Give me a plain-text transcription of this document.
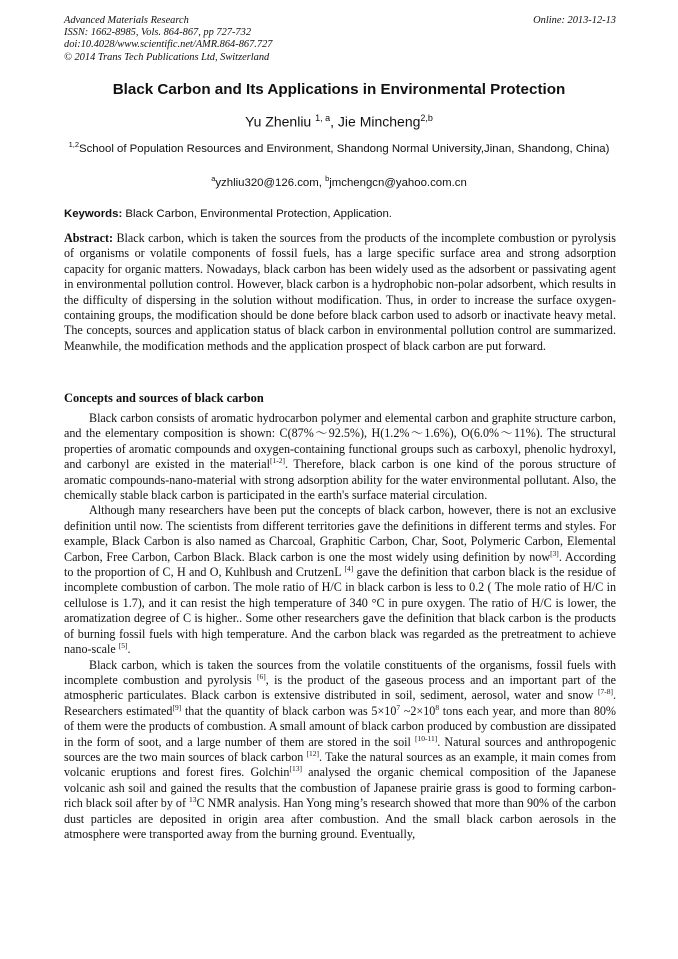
Advanced Materials Research
ISSN: 1662-8985, Vols. 864-867, pp 727-732
doi:10.4028/www.scientific.net/AMR.864-867.727
© 2014 Trans Tech Publications Ltd, Switzerland
Online: 2013-12-13
Black Carbon and Its Applications in Environmental Protection
Yu Zhenliu $^{1, a}$, Jie Mincheng$^{2,b}$
$^{1,2}$School of Population Resources and Environment, Shandong Normal University,Jinan, Shandong, China)
$^a$yzhliu320@126.com, $^b$jmchengcn@yahoo.com.cn
Keywords: Black Carbon, Environmental Protection, Application.
Abstract: Black carbon, which is taken the sources from the products of the incomplete combustion or pyrolysis of organisms or volatile components of fossil fuels, has a large specific surface area and strong adsorption capacity for organic matters. Nowadays, black carbon has been widely used as the adsorbent or passivating agent in environmental pollution control. However, black carbon is a hydrophobic non-polar adsorbent, which results in the difficulty of dispersing in the solution without modification. Thus, in order to increase the surface oxygen-containing groups, the modification should be done before black carbon used to adsorb or inactivate heavy metal. The concepts, sources and application status of black carbon in environmental pollution control are summarized. Meanwhile, the modification methods and the application prospect of black carbon are put forward.
Concepts and sources of black carbon

Black carbon consists of aromatic hydrocarbon polymer and elemental carbon and graphite structure carbon, and the elementary composition is shown: C(87%～92.5%), H(1.2%～1.6%), O(6.0%～11%). The structural properties of aromatic compounds and oxygen-containing functional groups such as carboxyl, phenolic hydroxyl, and carbonyl are existed in the material[1-2]. Therefore, black carbon is one kind of the porous structure of aromatic compounds-nano-material with strong adsorption ability for the water environmental pollutant. Also, the chemically stable black carbon is participated in the earth's surface material circulation.

Although many researchers have been put the concepts of black carbon, however, there is not an exclusive definition until now. The scientists from different territories gave the definitions in different terms and styles. For example, Black Carbon is also named as Charcoal, Graphitic Carbon, Char, Soot, Polymeric Carbon, Elemental Carbon, Free Carbon, Carbon Black. Black carbon is one the most widely using definition by now[3]. According to the proportion of C, H and O, Kuhlbush and CrutzenL [4] gave the definition that carbon black is the residue of incomplete combustion of carbon. The mole ratio of H/C in black carbon is less to 0.2 ( The mole ratio of H/C in cellulose is 1.7), and it can resist the high temperature of 340 °C in pure oxygen. The ratio of H/C is lower, the aromatization degree of C is higher.. Some other researchers gave the definition that black carbon is the products of burning fossil fuels with high temperature. And the carbon black was regarded as the pretreatment to achieve nano-scale [5].

Black carbon, which is taken the sources from the volatile constituents of the organisms, fossil fuels with incomplete combustion and pyrolysis [6], is the product of the gaseous process and an important part of the atmospheric particulates. Black carbon is extensive distributed in soil, sediment, aerosol, water and snow [7-8]. Researchers estimated[9] that the quantity of black carbon was $5\times 10^7$ $\sim 2\times 10^8$ tons each year, and more than 80% of them were the products of combustion. A small amount of black carbon produced by combustion are dissipated in the form of soot, and a large number of them are stored in the soil [10-11]. Natural sources and anthropogenic sources are the two main sources of black carbon [12]. Take the natural sources as an example, it main comes from volcanic eruptions and forest fires. Golchin[13] analysed the organic chemical composition of the Japanese volcanic ash soil and gained the results that the combustion of Japanese prairie grass is good to forming carbon-rich black soil after by of $^{13}$C NMR analysis. Han Yong ming’s research showed that more than 90% of the carbon dust particles are deposited in origin area after combustion. And the small black carbon aerosols in the atmosphere were transported away from the burning ground. Eventually,
